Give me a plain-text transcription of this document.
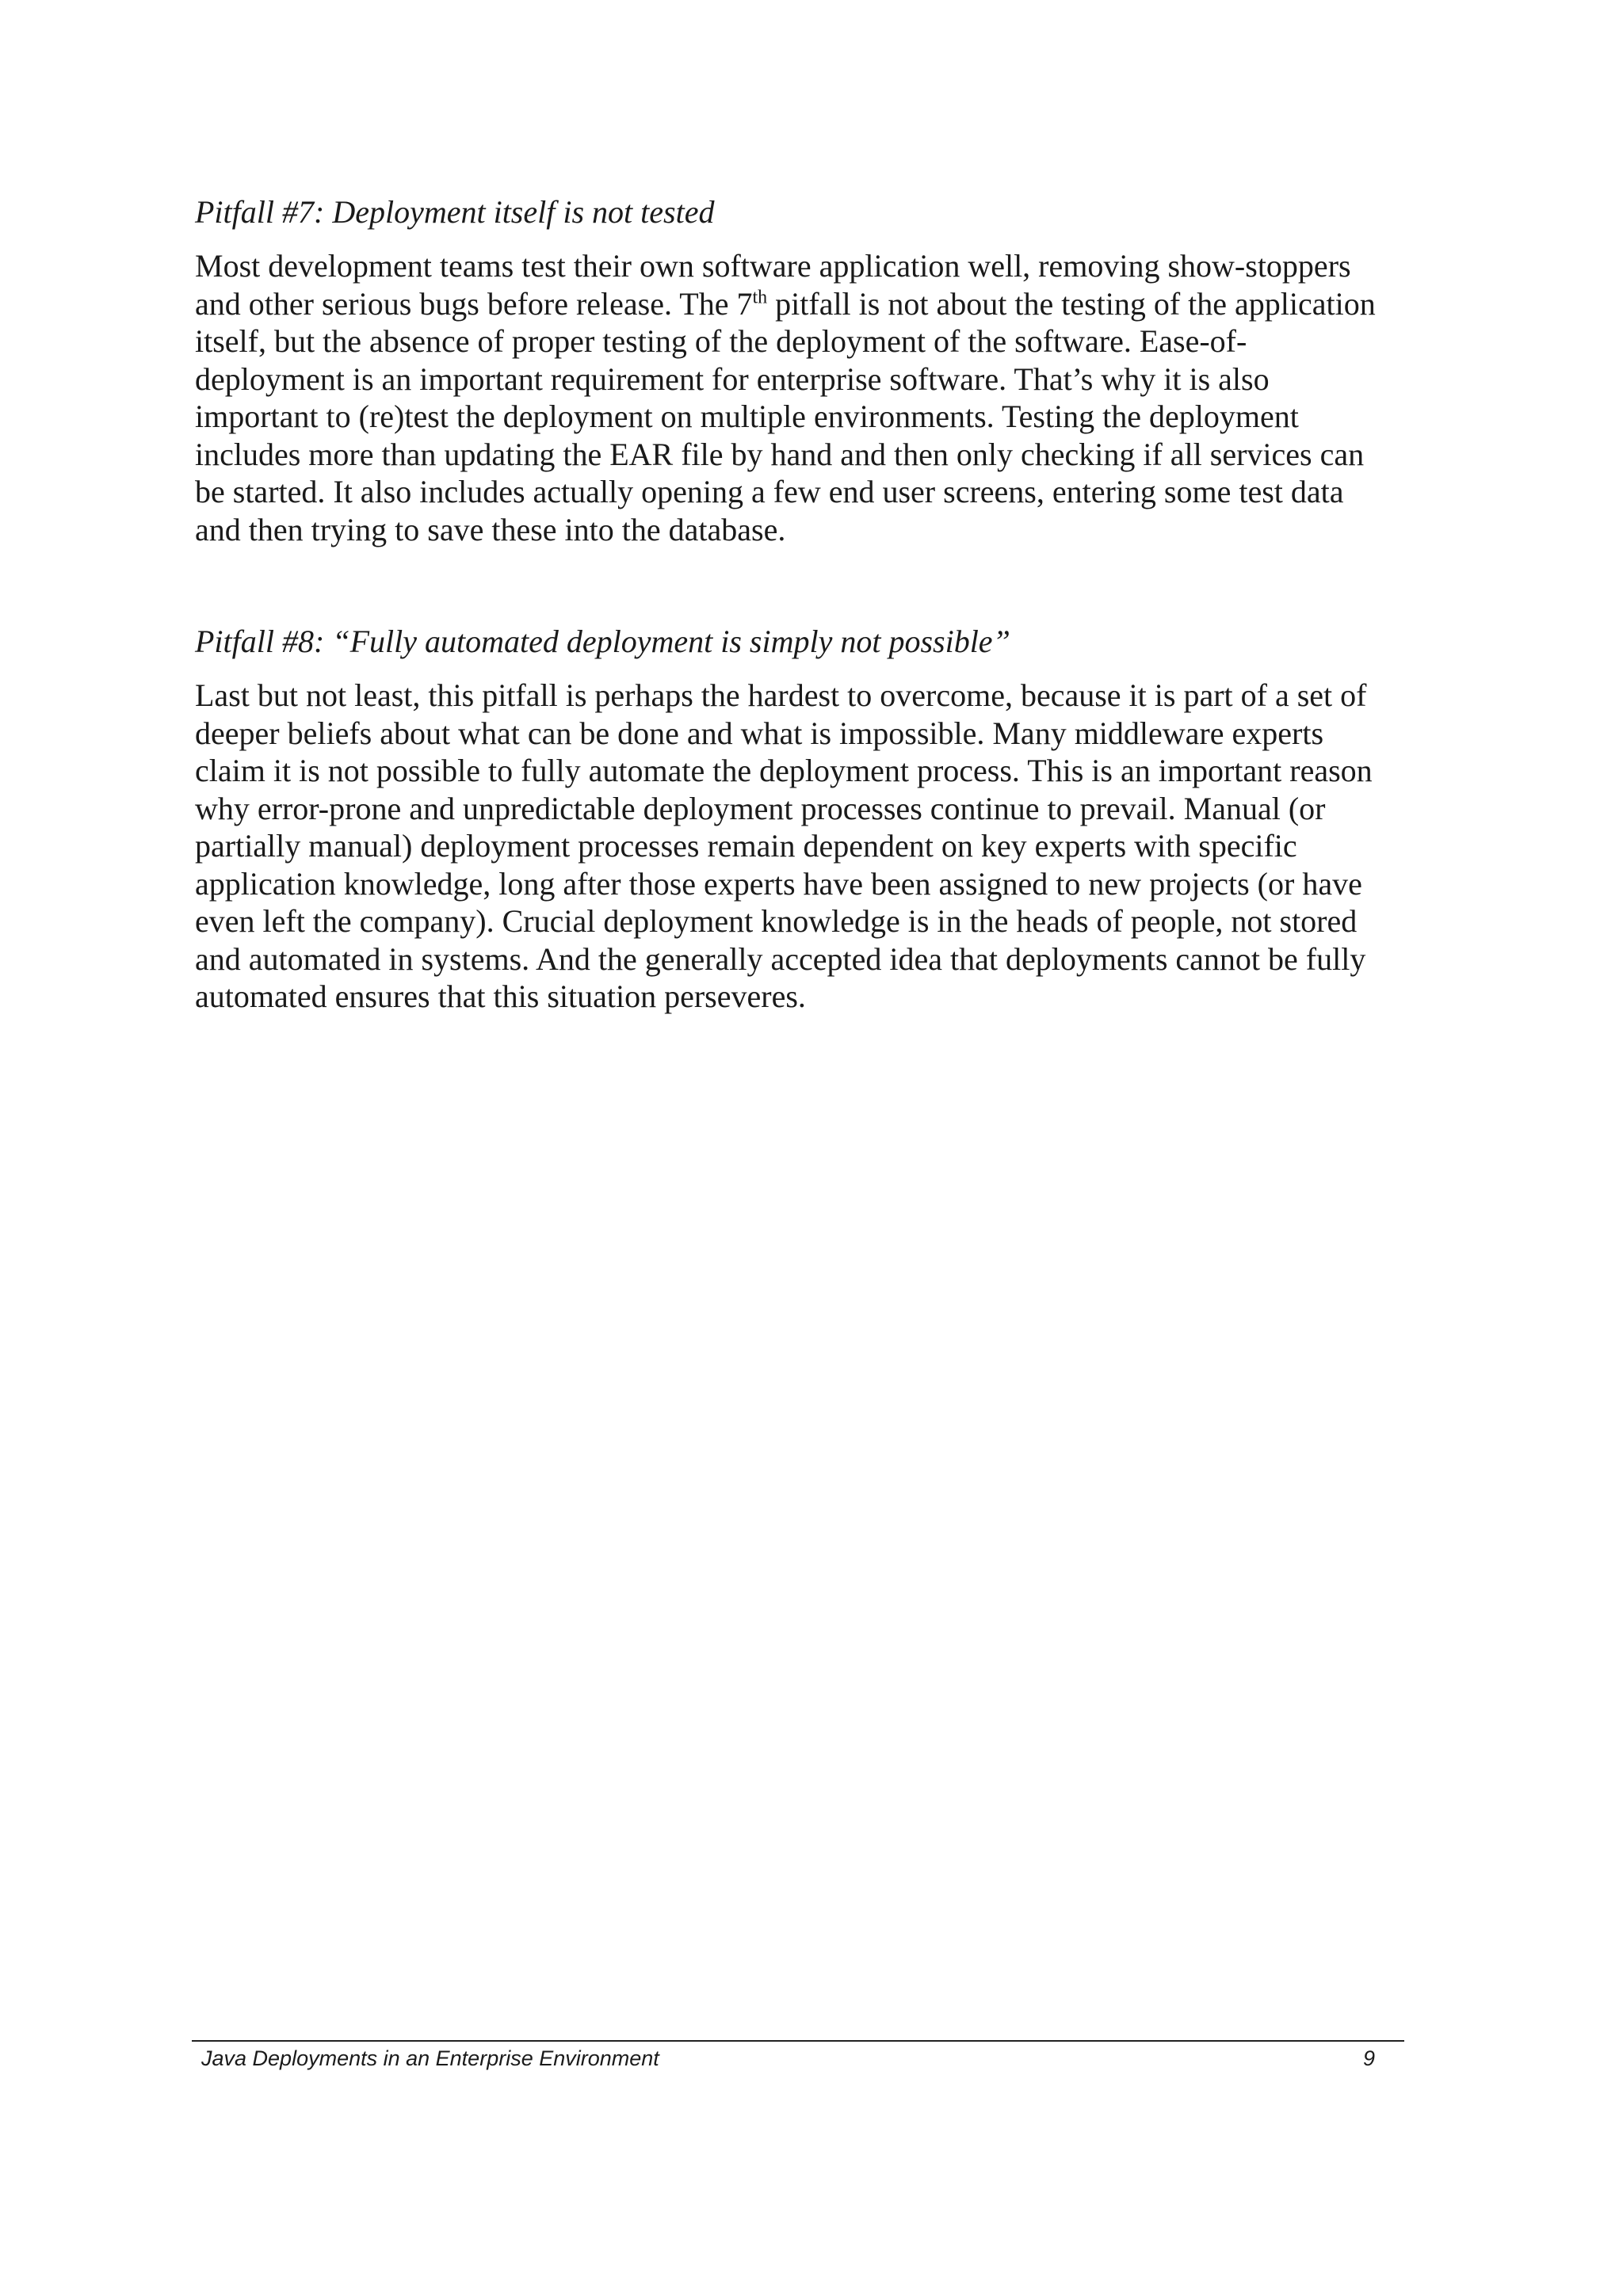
Pitfall #7: Deployment itself is not tested

Most development teams test their own software application well, removing show-stoppers
and other serious bugs before release. The 7th pitfall is not about the testing of the application
itself, but the absence of proper testing of the deployment of the software. Ease-of-
deployment is an important requirement for enterprise software. That’s why it is also
important to (re)test the deployment on multiple environments. Testing the deployment
includes more than updating the EAR file by hand and then only checking if all services can
be started. It also includes actually opening a few end user screens, entering some test data
and then trying to save these into the database.

Pitfall #8: “Fully automated deployment is simply not possible”

Last but not least, this pitfall is perhaps the hardest to overcome, because it is part of a set of
deeper beliefs about what can be done and what is impossible. Many middleware experts
claim it is not possible to fully automate the deployment process. This is an important reason
why error-prone and unpredictable deployment processes continue to prevail. Manual (or
partially manual) deployment processes remain dependent on key experts with specific
application knowledge, long after those experts have been assigned to new projects (or have
even left the company). Crucial deployment knowledge is in the heads of people, not stored
and automated in systems. And the generally accepted idea that deployments cannot be fully
automated ensures that this situation perseveres.

Java Deployments in an Enterprise Environment	9
